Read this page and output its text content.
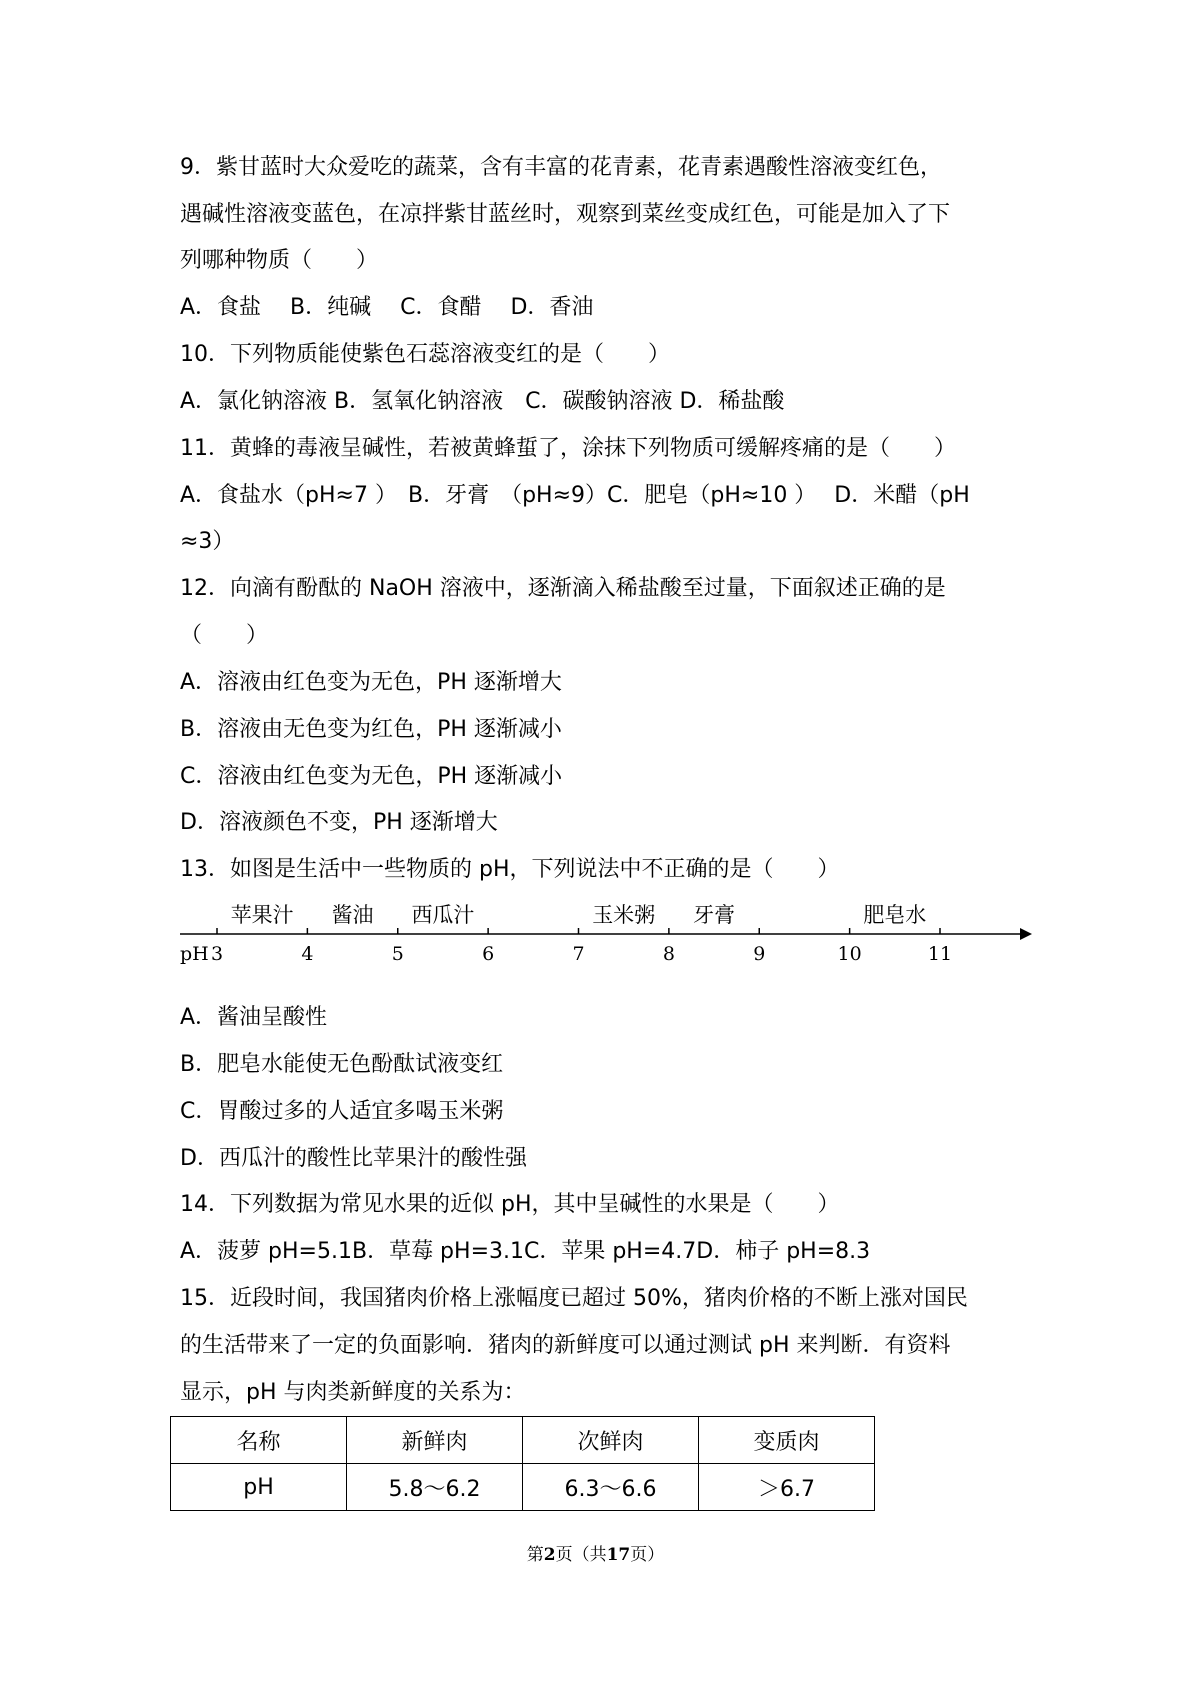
9．紫甘蓝时大众爱吃的蔬菜，含有丰富的花青素，花青素遇酸性溶液变红色，
遇碱性溶液变蓝色，在凉拌紫甘蓝丝时，观察到菜丝变成红色，可能是加入了下
列哪种物质（　　）
A．食盐　 B．纯碱　 C．食醋　 D．香油
10．下列物质能使紫色石蕊溶液变红的是（　　）
A．氯化钠溶液 B．氢氧化钠溶液　C．碳酸钠溶液 D．稀盐酸
11．黄蜂的毒液呈碱性，若被黄蜂蜇了，涂抹下列物质可缓解疼痛的是（　　）
A．食盐水（pH≈7 ）　B．牙膏　（pH≈9）C．肥皂（pH≈10 ）　 D．米醋（pH
≈3）
12．向滴有酚酞的 NaOH 溶液中，逐渐滴入稀盐酸至过量，下面叙述正确的是
（　　）
A．溶液由红色变为无色，PH 逐渐增大
B．溶液由无色变为红色，PH 逐渐减小
C．溶液由红色变为无色，PH 逐渐减小
D．溶液颜色不变，PH 逐渐增大
13．如图是生活中一些物质的 pH，下列说法中不正确的是（　　）
pH 3	4	5	6	7	8	9	10	11
苹果汁 酱油 西瓜汁	玉米粥 牙膏	肥皂水
A．酱油呈酸性
B．肥皂水能使无色酚酞试液变红
C．胃酸过多的人适宜多喝玉米粥
D．西瓜汁的酸性比苹果汁的酸性强
14．下列数据为常见水果的近似 pH，其中呈碱性的水果是（　　）
A．菠萝 pH=5.1B．草莓 pH=3.1C．苹果 pH=4.7D．柿子 pH=8.3
15．近段时间，我国猪肉价格上涨幅度已超过 50%，猪肉价格的不断上涨对国民
的生活带来了一定的负面影响．猪肉的新鲜度可以通过测试 pH 来判断．有资料
显示，pH 与肉类新鲜度的关系为：
名称	新鲜肉	次鲜肉	变质肉
pH	5.8～6.2	6.3～6.6	＞6.7
第2页（共17页）
